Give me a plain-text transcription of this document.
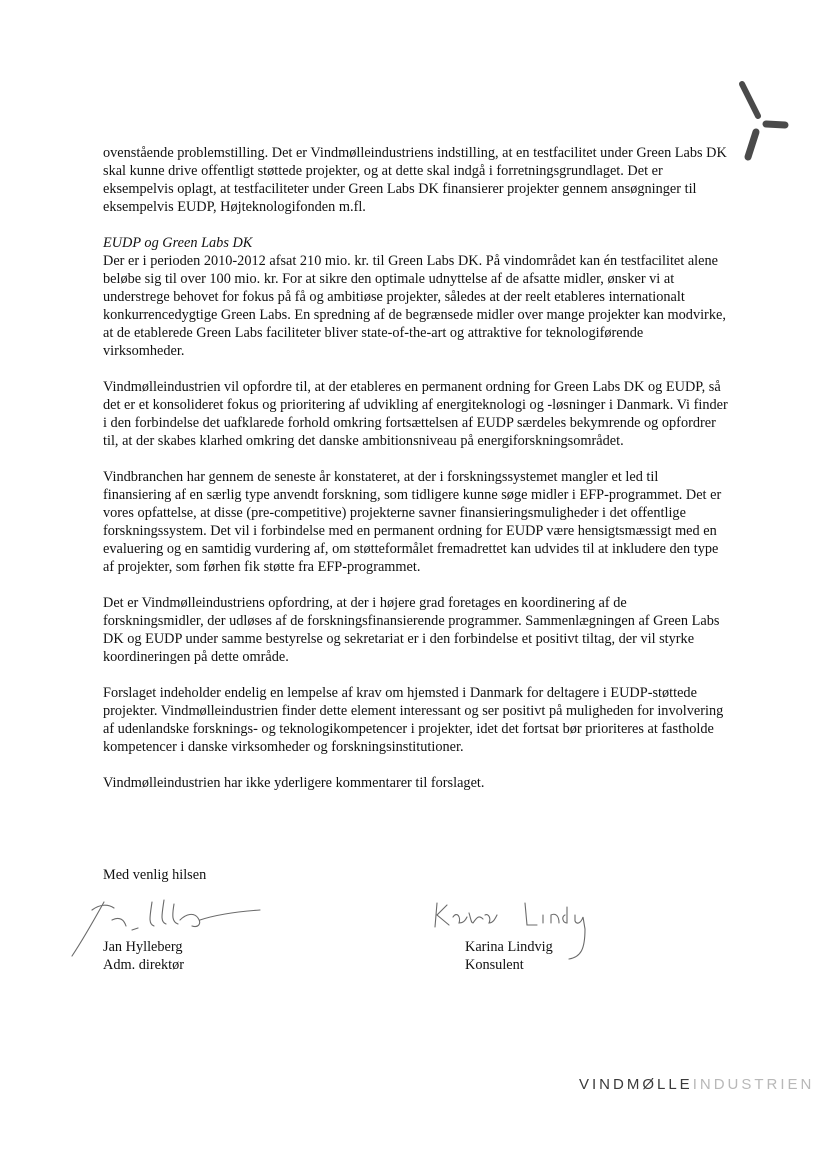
ovenstående problemstilling. Det er Vindmølleindustriens indstilling, at en testfacilitet under Green Labs DK skal kunne drive offentligt støttede projekter, og at dette skal indgå i forretningsgrundlaget. Det er eksempelvis oplagt, at testfaciliteter under Green Labs DK finansierer projekter gennem ansøgninger til eksempelvis EUDP, Højteknologifonden m.fl.

EUDP og Green Labs DK

Der er i perioden 2010-2012 afsat 210 mio. kr. til Green Labs DK. På vindområdet kan én testfacilitet alene beløbe sig til over 100 mio. kr. For at sikre den optimale udnyttelse af de afsatte midler, ønsker vi at understrege behovet for fokus på få og ambitiøse projekter, således at der reelt etableres internationalt konkurrencedygtige Green Labs. En spredning af de begrænsede midler over mange projekter kan modvirke, at de etablerede Green Labs faciliteter bliver state-of-the-art og attraktive for teknologiførende virksomheder.

Vindmølleindustrien vil opfordre til, at der etableres en permanent ordning for Green Labs DK og EUDP, så det er et konsolideret fokus og prioritering af udvikling af energiteknologi og -løsninger i Danmark. Vi finder i den forbindelse det uafklarede forhold omkring fortsættelsen af EUDP særdeles bekymrende og opfordrer til, at der skabes klarhed omkring det danske ambitionsniveau på energiforskningsområdet.

Vindbranchen har gennem de seneste år konstateret, at der i forskningssystemet mangler et led til finansiering af en særlig type anvendt forskning, som tidligere kunne søge midler i EFP-programmet. Det er vores opfattelse, at disse (pre-competitive) projekterne savner finansieringsmuligheder i det offentlige forskningssystem. Det vil i forbindelse med en permanent ordning for EUDP være hensigtsmæssigt med en evaluering og en samtidig vurdering af, om støtteformålet fremadrettet kan udvides til at inkludere den type af projekter, som førhen fik støtte fra EFP-programmet.

Det er Vindmølleindustriens opfordring, at der i højere grad foretages en koordinering af de forskningsmidler, der udløses af de forskningsfinansierende programmer. Sammenlægningen af Green Labs DK og EUDP under samme bestyrelse og sekretariat er i den forbindelse et positivt tiltag, der vil styrke koordineringen på dette område.

Forslaget indeholder endelig en lempelse af krav om hjemsted i Danmark for deltagere i EUDP-støttede projekter. Vindmølleindustrien finder dette element interessant og ser positivt på muligheden for involvering af udenlandske forsknings- og teknologikompetencer i projekter, idet det fortsat bør prioriteres at fastholde kompetencer i danske virksomheder og forskningsinstitutioner.

Vindmølleindustrien har ikke yderligere kommentarer til forslaget.

Med venlig hilsen

Jan Hylleberg
Adm. direktør
Karina Lindvig
Konsulent
VINDMØLLEINDUSTRIEN
